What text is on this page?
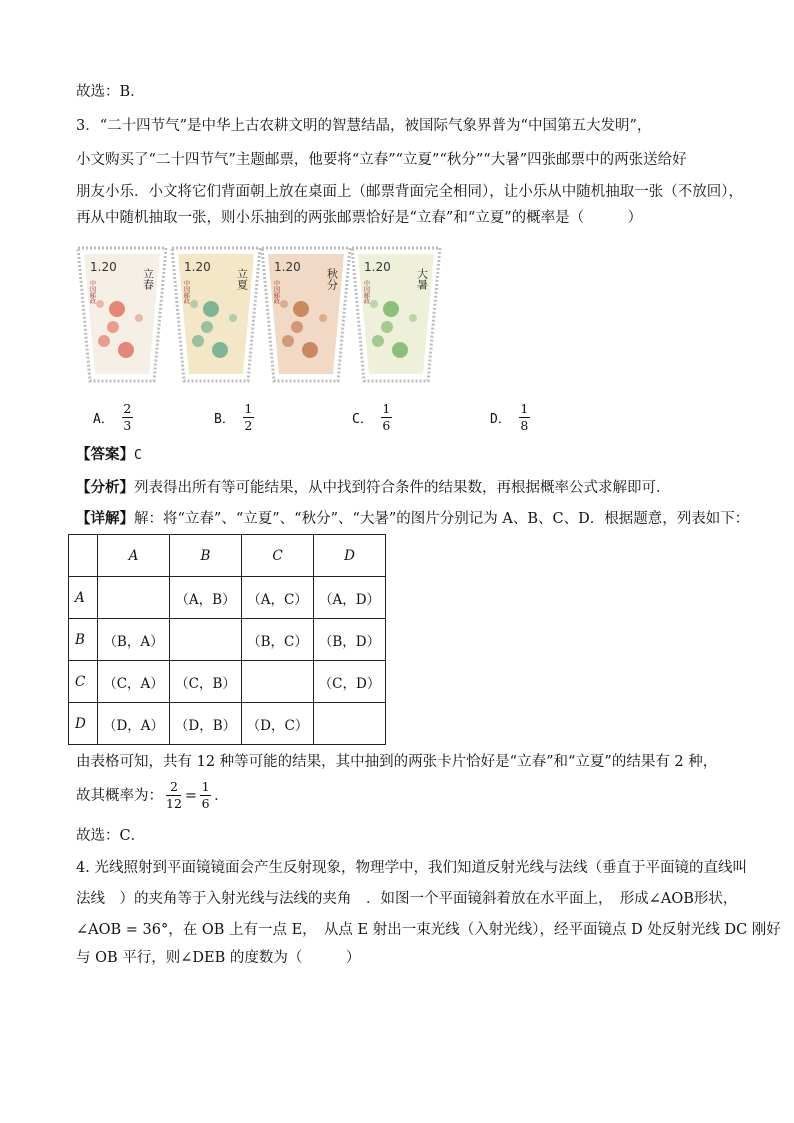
故选：B．
3．“二十四节气”是中华上古农耕文明的智慧结晶，被国际气象界普为“中国第五大发明”，
小文购买了“二十四节气”主题邮票，他要将“立春”“立夏”“秋分”“大暑”四张邮票中的两张送给好
朋友小乐．小文将它们背面朝上放在桌面上（邮票背面完全相同），让小乐从中随机抽取一张（不放回），
再从中随机抽取一张，则小乐抽到的两张邮票恰好是“立春”和“立夏”的概率是（　　　）
1.20
立春
中国邮政
1.20
立夏
中国邮政
1.20
秋分
中国邮政
1.20
大暑
中国邮政
A． $\frac{2}{3}$	B． $\frac{1}{2}$	C． $\frac{1}{6}$	D． $\frac{1}{8}$
【答案】C
【分析】列表得出所有等可能结果，从中找到符合条件的结果数，再根据概率公式求解即可．
【详解】解：将“立春”、“立夏”、“秋分”、“大暑”的图片分别记为 A、B、C、D．根据题意，列表如下：
	A	B	C	D
A		（A，B）	（A，C）	（A，D）
B	（B，A）		（B，C）	（B，D）
C	（C，A）	（C，B）		（C，D）
D	（D，A）	（D，B）	（D，C）	
由表格可知，共有 12 种等可能的结果，其中抽到的两张卡片恰好是“立春”和“立夏”的结果有 2 种，
故其概率为： $\frac{2}{12} = \frac{1}{6}$ ．
故选：C．
4. 光线照射到平面镜镜面会产生反射现象，物理学中，我们知道反射光线与法线（垂直于平面镜的直线叫
法线　）的夹角等于入射光线与法线的夹角　．如图一个平面镜斜着放在水平面上，　形成∠AOB形状，
∠AOB = 36°，在 OB 上有一点 E，　从点 E 射出一束光线（入射光线），经平面镜点 D 处反射光线 DC 刚好
与 OB 平行，则∠DEB 的度数为（　　　）
